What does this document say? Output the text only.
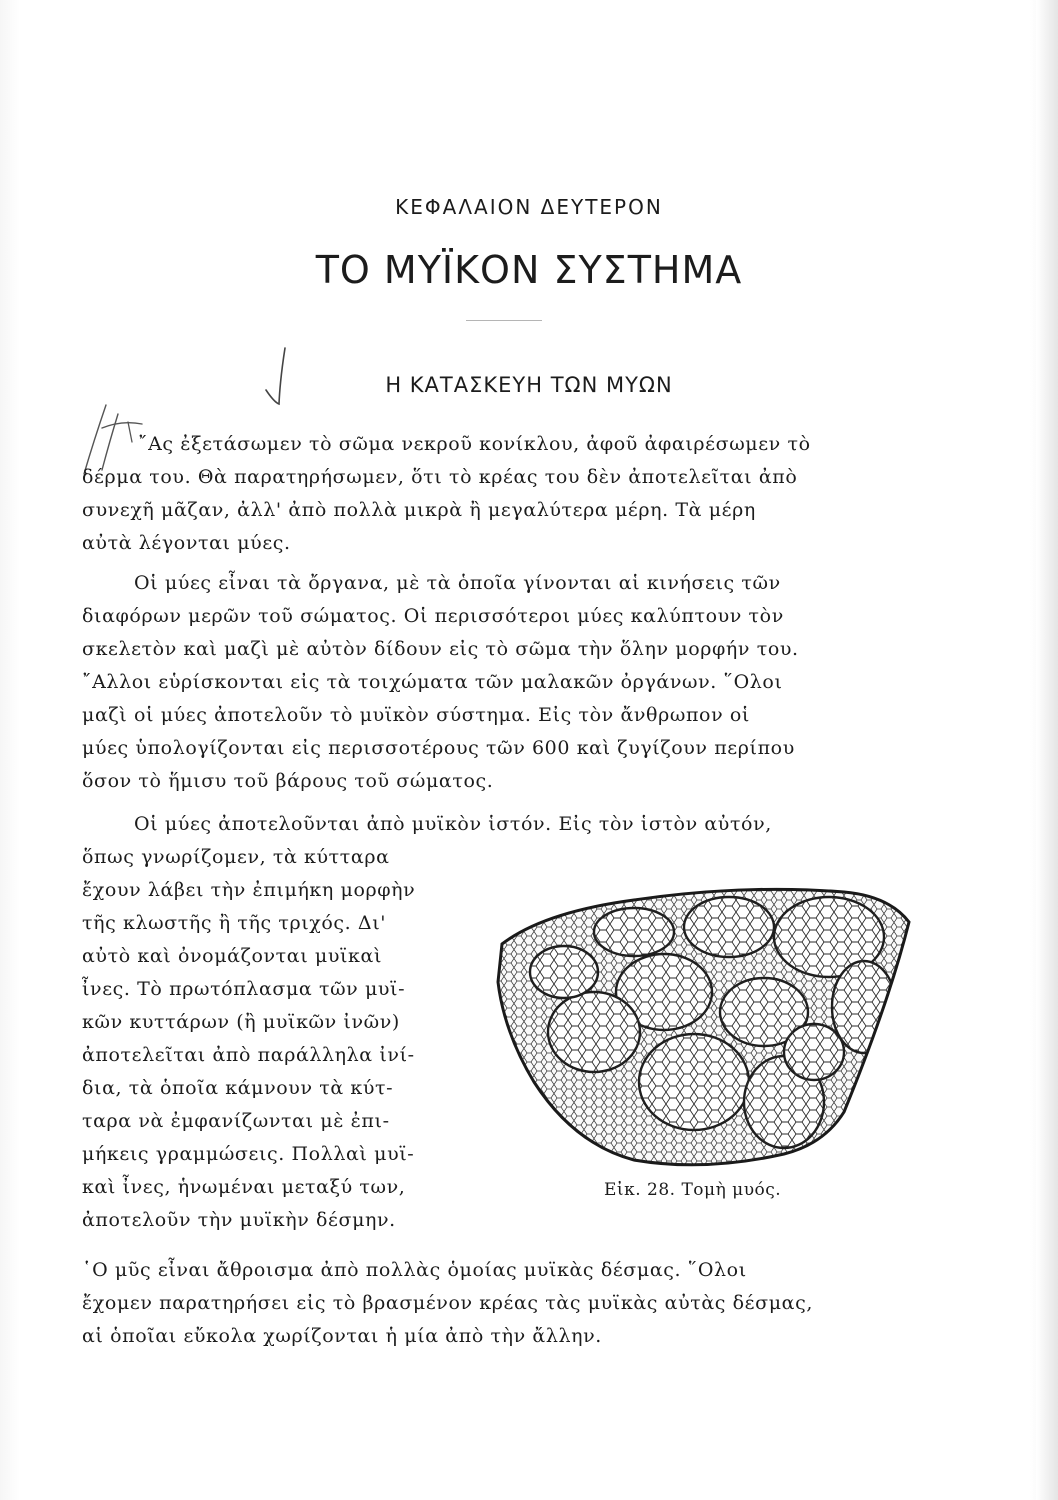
ΚΕΦΑΛΑΙΟΝ ΔΕΥΤΕΡΟΝ
ΤΟ ΜΥΪΚΟΝ ΣΥΣΤΗΜΑ
Η ΚΑΤΑΣΚΕΥΗ ΤΩΝ ΜΥΩΝ
῎Ας ἐξετάσωμεν τὸ σῶμα νεκροῦ κονίκλου, ἀφοῦ ἀφαιρέσωμεν τὸ
δέρμα του. Θὰ παρατηρήσωμεν, ὅτι τὸ κρέας του δὲν ἀποτελεῖται ἀπὸ
συνεχῆ μᾶζαν, ἀλλ' ἀπὸ πολλὰ μικρὰ ἢ μεγαλύτερα μέρη. Τὰ μέρη
αὐτὰ λέγονται μύες.
Οἱ μύες εἶναι τὰ ὄργανα, μὲ τὰ ὁποῖα γίνονται αἱ κινήσεις τῶν
διαφόρων μερῶν τοῦ σώματος. Οἱ περισσότεροι μύες καλύπτουν τὸν
σκελετὸν καὶ μαζὶ μὲ αὐτὸν δίδουν εἰς τὸ σῶμα τὴν ὅλην μορφήν του.
῎Αλλοι εὑρίσκονται εἰς τὰ τοιχώματα τῶν μαλακῶν ὀργάνων. ῞Ολοι
μαζὶ οἱ μύες ἀποτελοῦν τὸ μυϊκὸν σύστημα. Εἰς τὸν ἄνθρωπον οἱ
μύες ὑπολογίζονται εἰς περισσοτέρους τῶν 600 καὶ ζυγίζουν περίπου
ὅσον τὸ ἥμισυ τοῦ βάρους τοῦ σώματος.
Οἱ μύες ἀποτελοῦνται ἀπὸ μυϊκὸν ἱστόν. Εἰς τὸν ἱστὸν αὐτόν,
ὅπως γνωρίζομεν, τὰ κύτταρα
ἔχουν λάβει τὴν ἐπιμήκη μορφὴν
τῆς κλωστῆς ἢ τῆς τριχός. Δι'
αὐτὸ καὶ ὀνομάζονται μυϊκαὶ
ἶνες. Τὸ πρωτόπλασμα τῶν μυϊ-
κῶν κυττάρων (ἢ μυϊκῶν ἰνῶν)
ἀποτελεῖται ἀπὸ παράλληλα ἰνί-
δια, τὰ ὁποῖα κάμνουν τὰ κύτ-
ταρα νὰ ἐμφανίζωνται μὲ ἐπι-
μήκεις γραμμώσεις. Πολλαὶ μυϊ-
καὶ ἶνες, ἡνωμέναι μεταξύ των,
ἀποτελοῦν τὴν μυϊκὴν δέσμην.
Εἰκ. 28. Τομὴ μυός.
῾Ο μῦς εἶναι ἄθροισμα ἀπὸ πολλὰς ὁμοίας μυϊκὰς δέσμας. ῞Ολοι
ἔχομεν παρατηρήσει εἰς τὸ βρασμένον κρέας τὰς μυϊκὰς αὐτὰς δέσμας,
αἱ ὁποῖαι εὔκολα χωρίζονται ἡ μία ἀπὸ τὴν ἄλλην.
